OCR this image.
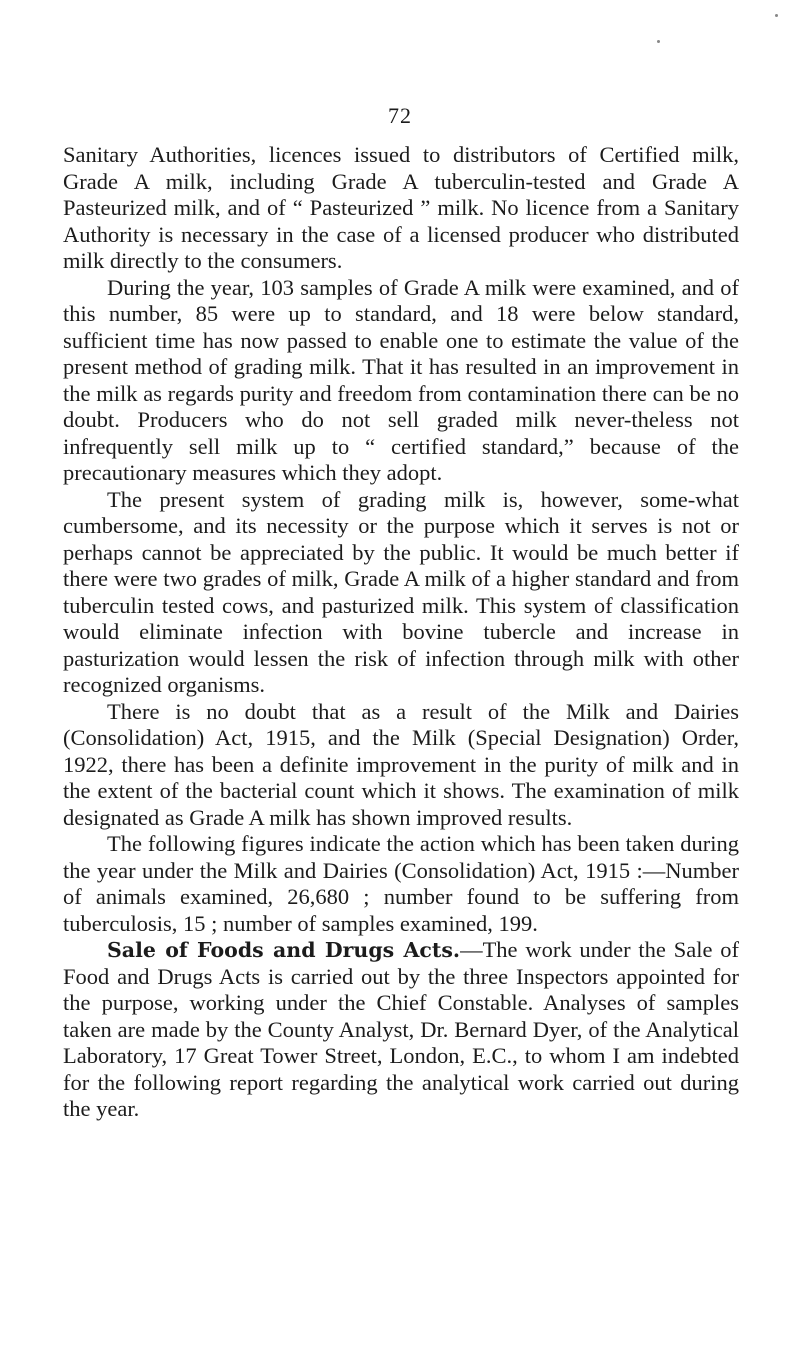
72

Sanitary Authorities, licences issued to distributors of Certified milk, Grade A milk, including Grade A tuberculin-tested and Grade A Pasteurized milk, and of “ Pasteurized ” milk. No licence from a Sanitary Authority is necessary in the case of a licensed producer who distributed milk directly to the consumers.

During the year, 103 samples of Grade A milk were examined, and of this number, 85 were up to standard, and 18 were below standard, sufficient time has now passed to enable one to estimate the value of the present method of grading milk. That it has resulted in an improvement in the milk as regards purity and freedom from contamination there can be no doubt. Producers who do not sell graded milk never-theless not infrequently sell milk up to “ certified standard,” because of the precautionary measures which they adopt.

The present system of grading milk is, however, some-what cumbersome, and its necessity or the purpose which it serves is not or perhaps cannot be appreciated by the public. It would be much better if there were two grades of milk, Grade A milk of a higher standard and from tuberculin tested cows, and pasturized milk. This system of classification would eliminate infection with bovine tubercle and increase in pasturization would lessen the risk of infection through milk with other recognized organisms.

There is no doubt that as a result of the Milk and Dairies (Consolidation) Act, 1915, and the Milk (Special Designation) Order, 1922, there has been a definite improvement in the purity of milk and in the extent of the bacterial count which it shows. The examination of milk designated as Grade A milk has shown improved results.

The following figures indicate the action which has been taken during the year under the Milk and Dairies (Consolidation) Act, 1915 :—Number of animals examined, 26,680 ; number found to be suffering from tuberculosis, 15 ; number of samples examined, 199.

Sale of Foods and Drugs Acts.—The work under the Sale of Food and Drugs Acts is carried out by the three Inspectors appointed for the purpose, working under the Chief Constable. Analyses of samples taken are made by the County Analyst, Dr. Bernard Dyer, of the Analytical Laboratory, 17 Great Tower Street, London, E.C., to whom I am indebted for the following report regarding the analytical work carried out during the year.
